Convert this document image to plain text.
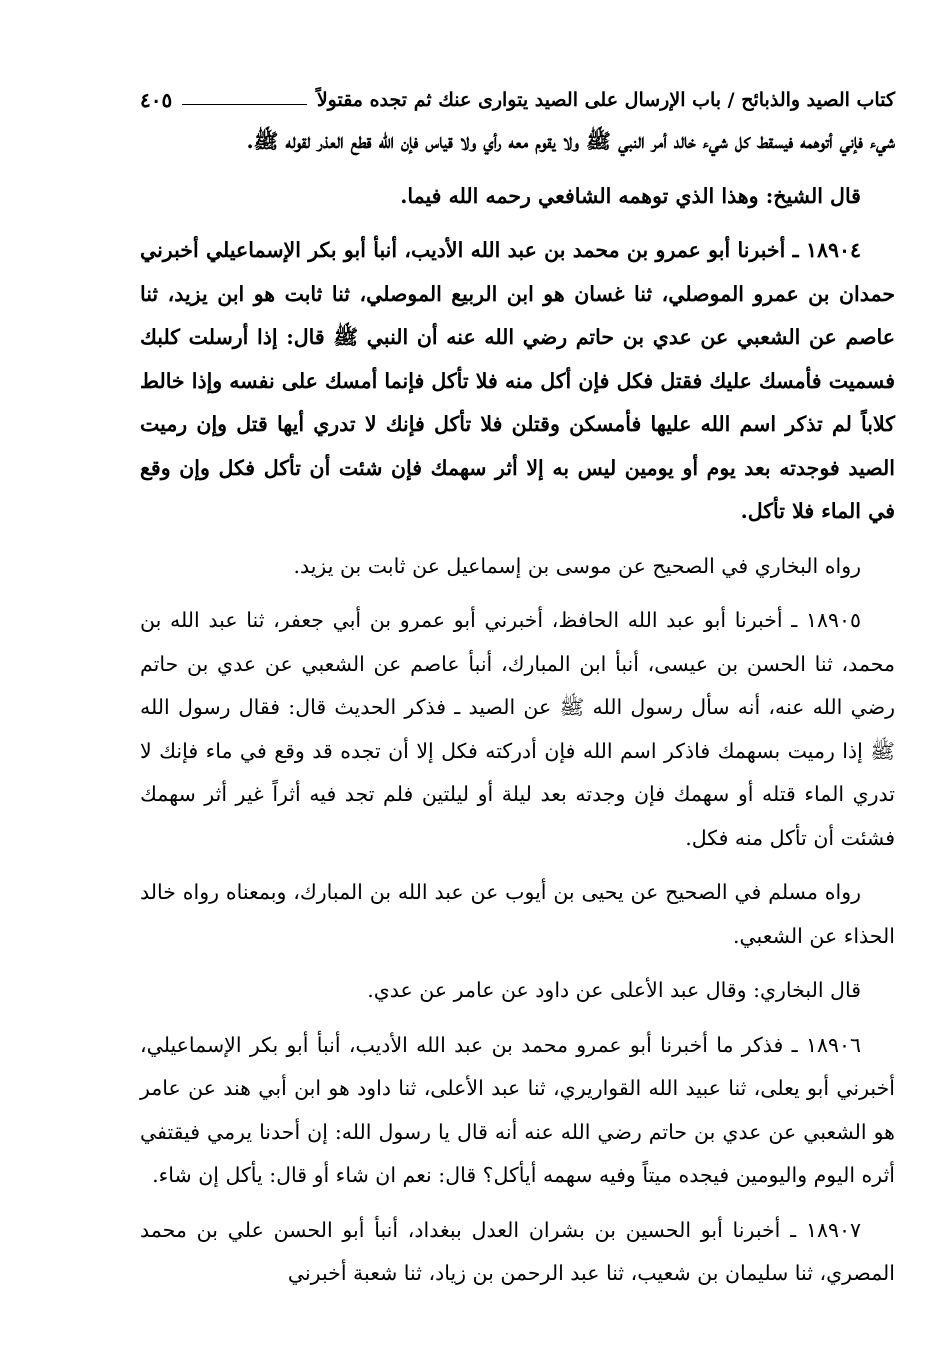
كتاب الصيد والذبائح / باب الإرسال على الصيد يتوارى عنك ثم تجده مقتولاً
٤٠٥
شيء فإني أتوهمه فيسقط كل شيء خالد أمر النبي ﷺ ولا يقوم معه رأي ولا قياس فإن الله قطع العذر لقوله ﷺ.
قال الشيخ: وهذا الذي توهمه الشافعي رحمه الله فيما.
١٨٩٠٤ ـ أخبرنا أبو عمرو بن محمد بن عبد الله الأديب، أنبأ أبو بكر الإسماعيلي أخبرني حمدان بن عمرو الموصلي، ثنا غسان هو ابن الربيع الموصلي، ثنا ثابت هو ابن يزيد، ثنا عاصم عن الشعبي عن عدي بن حاتم رضي الله عنه أن النبي ﷺ قال: إذا أرسلت كلبك فسميت فأمسك عليك فقتل فكل فإن أكل منه فلا تأكل فإنما أمسك على نفسه وإذا خالط كلاباً لم تذكر اسم الله عليها فأمسكن وقتلن فلا تأكل فإنك لا تدري أيها قتل وإن رميت الصيد فوجدته بعد يوم أو يومين ليس به إلا أثر سهمك فإن شئت أن تأكل فكل وإن وقع في الماء فلا تأكل.
رواه البخاري في الصحيح عن موسى بن إسماعيل عن ثابت بن يزيد.
١٨٩٠٥ ـ أخبرنا أبو عبد الله الحافظ، أخبرني أبو عمرو بن أبي جعفر، ثنا عبد الله بن محمد، ثنا الحسن بن عيسى، أنبأ ابن المبارك، أنبأ عاصم عن الشعبي عن عدي بن حاتم رضي الله عنه، أنه سأل رسول الله ﷺ عن الصيد ـ فذكر الحديث قال: فقال رسول الله ﷺ إذا رميت بسهمك فاذكر اسم الله فإن أدركته فكل إلا أن تجده قد وقع في ماء فإنك لا تدري الماء قتله أو سهمك فإن وجدته بعد ليلة أو ليلتين فلم تجد فيه أثراً غير أثر سهمك فشئت أن تأكل منه فكل.
رواه مسلم في الصحيح عن يحيى بن أيوب عن عبد الله بن المبارك، وبمعناه رواه خالد الحذاء عن الشعبي.
قال البخاري: وقال عبد الأعلى عن داود عن عامر عن عدي.
١٨٩٠٦ ـ فذكر ما أخبرنا أبو عمرو محمد بن عبد الله الأديب، أنبأ أبو بكر الإسماعيلي، أخبرني أبو يعلى، ثنا عبيد الله القواريري، ثنا عبد الأعلى، ثنا داود هو ابن أبي هند عن عامر هو الشعبي عن عدي بن حاتم رضي الله عنه أنه قال يا رسول الله: إن أحدنا يرمي فيقتفي أثره اليوم واليومين فيجده ميتاً وفيه سهمه أيأكل؟ قال: نعم ان شاء أو قال: يأكل إن شاء.
١٨٩٠٧ ـ أخبرنا أبو الحسين بن بشران العدل ببغداد، أنبأ أبو الحسن علي بن محمد المصري، ثنا سليمان بن شعيب، ثنا عبد الرحمن بن زياد، ثنا شعبة أخبرني
